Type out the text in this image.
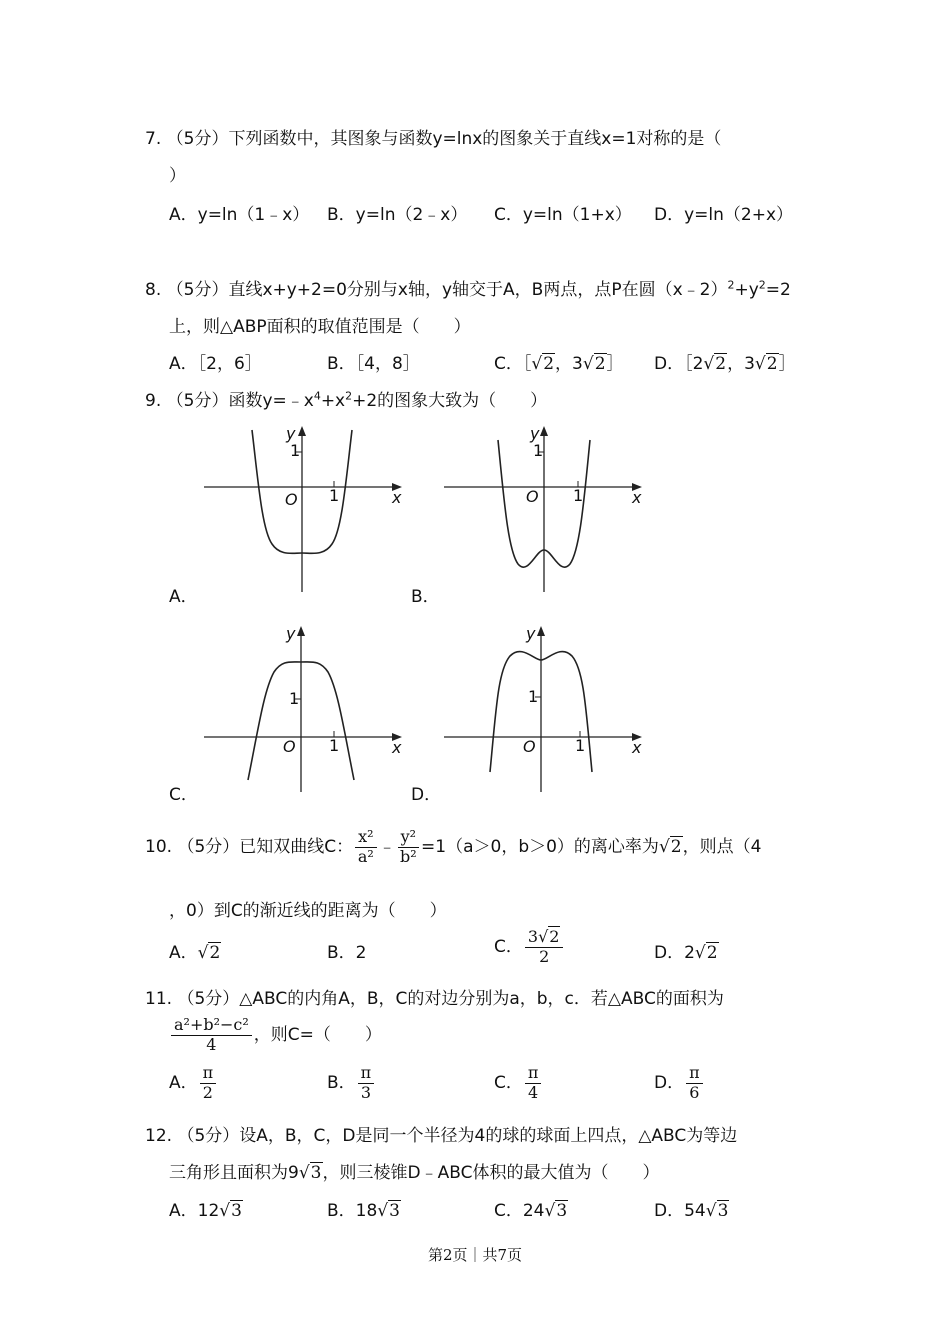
7. （5分）下列函数中，其图象与函数y=lnx的图象关于直线x=1对称的是（
）
A．y=ln（1﹣x） B．y=ln（2﹣x） C．y=ln（1+x） D．y=ln（2+x）
8. （5分）直线x+y+2=0分别与x轴，y轴交于A，B两点，点P在圆$(x﹣2)^2+y^2=2$
上，则△ABP面积的取值范围是（　　）
A．［2，6］	B．［4，8］	C．［√2，3√2］ D．［2√2，3√2］
9. （5分）函数$y=﹣x^4+x^2+2$的图象大致为（　　）
y
x
O 1
1
A．
y
x
O 1
1
B．
y
x
O 1
1
C．
y
x
O 1
1
D．
10. （5分）已知双曲线C： $\frac{\text{x²}}{\text{a²}}$ ﹣ $\frac{\text{y²}}{\text{b²}} =1(a>0$，b＞0）的离心率为√2，则点（4
，0）到C的渐近线的距离为（　　）
A．√2	B．2	C． $\frac{3√2}{2}$	D．2√2
11. （5分）△ABC的内角A，B，C的对边分别为a，b，c．若△ABC的面积为
$\frac{\text{a²+b²−c²}}{4}$ ，则C=（　　）
A． $\frac{\pi}{2}$	B． $\frac{\pi}{3}$	C． $\frac{\pi}{4}$	D． $\frac{\pi}{6}$
12. （5分）设A，B，C，D是同一个半径为4的球的球面上四点，△ABC为等边
三角形且面积为9√3，则三棱锥D﹣ABC体积的最大值为（　　）
A．12√3	B．18√3	C．24√3	D．54√3
第2页｜共7页
